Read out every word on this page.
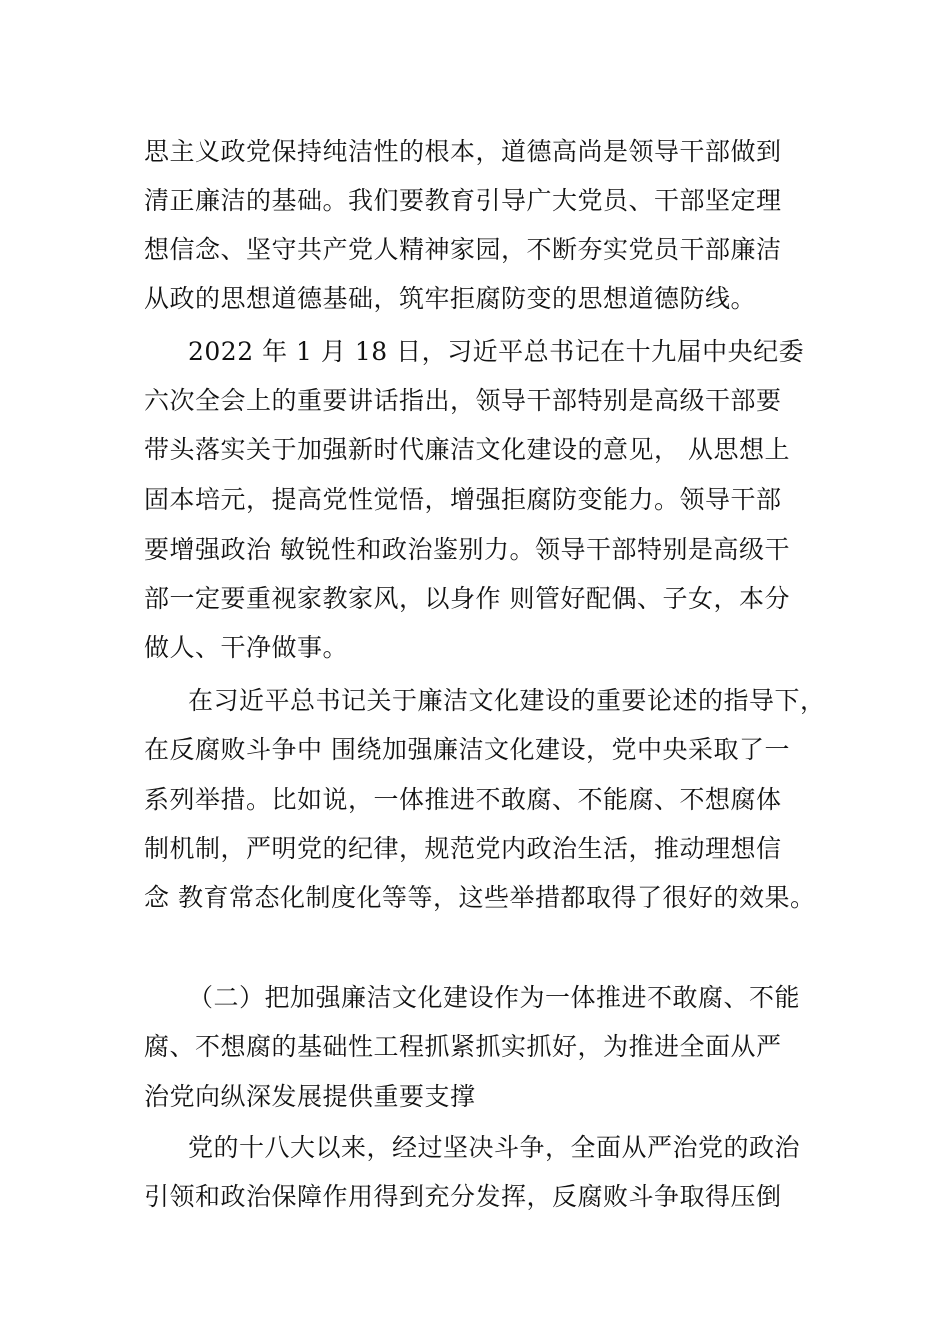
思主义政党保持纯洁性的根本，道德高尚是领导干部做到
清正廉洁的基础。我们要教育引导广大党员、干部坚定理
想信念、坚守共产党人精神家园，不断夯实党员干部廉洁
从政的思想道德基础，筑牢拒腐防变的思想道德防线。
2022 年 1 月 18 日，习近平总书记在十九届中央纪委
六次全会上的重要讲话指出，领导干部特别是高级干部要
带头落实关于加强新时代廉洁文化建设的意见， 从思想上
固本培元，提高党性觉悟，增强拒腐防变能力。领导干部
要增强政治 敏锐性和政治鉴别力。领导干部特别是高级干
部一定要重视家教家风，以身作 则管好配偶、子女，本分
做人、干净做事。
在习近平总书记关于廉洁文化建设的重要论述的指导下，
在反腐败斗争中 围绕加强廉洁文化建设，党中央采取了一
系列举措。比如说，一体推进不敢腐、不能腐、不想腐体
制机制，严明党的纪律，规范党内政治生活，推动理想信
念 教育常态化制度化等等，这些举措都取得了很好的效果。
（二）把加强廉洁文化建设作为一体推进不敢腐、不能
腐、不想腐的基础性工程抓紧抓实抓好，为推进全面从严
治党向纵深发展提供重要支撑
党的十八大以来，经过坚决斗争，全面从严治党的政治
引领和政治保障作用得到充分发挥，反腐败斗争取得压倒
